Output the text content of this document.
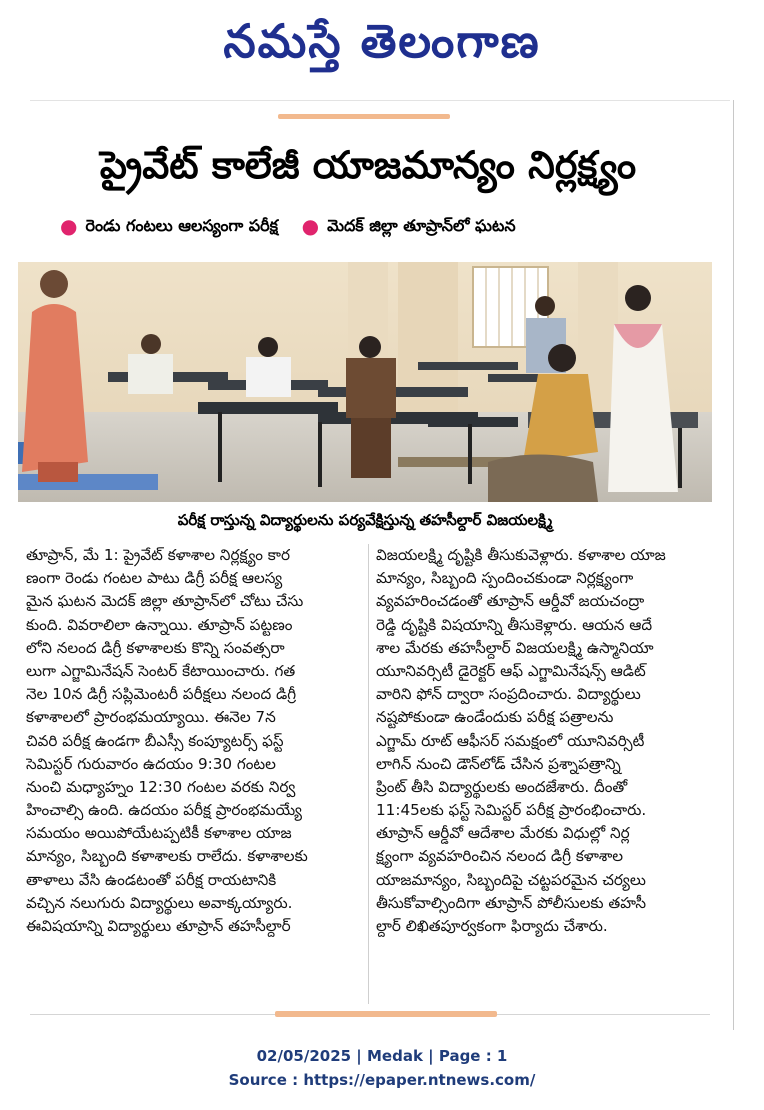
నమస్తే తెలంగాణ
ప్రైవేట్ కాలేజీ యాజమాన్యం నిర్లక్ష్యం
● రెండు గంటలు ఆలస్యంగా పరీక్ష ● మెదక్ జిల్లా తూప్రాన్‌లో ఘటన
పరీక్ష రాస్తున్న విద్యార్థులను పర్యవేక్షిస్తున్న తహసీల్దార్ విజయలక్ష్మి
తూప్రాన్, మే 1: ప్రైవేట్ కళాశాల నిర్లక్ష్యం కార
ణంగా రెండు గంటల పాటు డిగ్రీ పరీక్ష ఆలస్య
మైన ఘటన మెదక్ జిల్లా తూప్రాన్‌లో చోటు చేసు
కుంది. వివరాలిలా ఉన్నాయి. తూప్రాన్ పట్టణం
లోని నలంద డిగ్రీ కళాశాలకు కొన్ని సంవత్సరా
లుగా ఎగ్జామినేషన్ సెంటర్ కేటాయించారు. గత
నెల 10న డిగ్రీ సప్లిమెంటరీ పరీక్షలు నలంద డిగ్రీ
కళాశాలలో ప్రారంభమయ్యాయి. ఈనెల 7న
చివరి పరీక్ష ఉండగా బీఎస్సీ కంప్యూటర్స్ ఫస్ట్
సెమిస్టర్ గురువారం ఉదయం 9:30 గంటల
నుంచి మధ్యాహ్నం 12:30 గంటల వరకు నిర్వ
హించాల్సి ఉంది. ఉదయం పరీక్ష ప్రారంభమయ్యే
సమయం అయిపోయేటప్పటికీ కళాశాల యాజ
మాన్యం, సిబ్బంది కళాశాలకు రాలేదు. కళాశాలకు
తాళాలు వేసి ఉండటంతో పరీక్ష రాయటానికి
వచ్చిన నలుగురు విద్యార్థులు అవాక్కయ్యారు.
ఈవిషయాన్ని విద్యార్థులు తూప్రాన్ తహసీల్దార్
విజయలక్ష్మి దృష్టికి తీసుకువెళ్లారు. కళాశాల యాజ
మాన్యం, సిబ్బంది స్పందించకుండా నిర్లక్ష్యంగా
వ్యవహరించడంతో తూప్రాన్ ఆర్డీవో జయచంద్రా
రెడ్డి దృష్టికి విషయాన్ని తీసుకెళ్లారు. ఆయన ఆదే
శాల మేరకు తహసీల్దార్ విజయలక్ష్మి ఉస్మానియా
యూనివర్సిటీ డైరెక్టర్ ఆఫ్ ఎగ్జామినేషన్స్ ఆడిట్
వారిని ఫోన్ ద్వారా సంప్రదించారు. విద్యార్థులు
నష్టపోకుండా ఉండేందుకు పరీక్ష పత్రాలను
ఎగ్జామ్ రూట్ ఆఫీసర్ సమక్షంలో యూనివర్సిటీ
లాగిన్ నుంచి డౌన్‌లోడ్ చేసిన ప్రశ్నాపత్రాన్ని
ప్రింట్ తీసి విద్యార్థులకు అందజేశారు. దీంతో
11:45లకు ఫస్ట్ సెమిస్టర్ పరీక్ష ప్రారంభించారు.
తూప్రాన్ ఆర్డీవో ఆదేశాల మేరకు విధుల్లో నిర్ల
క్ష్యంగా వ్యవహరించిన నలంద డిగ్రీ కళాశాల
యాజమాన్యం, సిబ్బందిపై చట్టపరమైన చర్యలు
తీసుకోవాల్సిందిగా తూప్రాన్ పోలీసులకు తహసీ
ల్దార్ లిఖితపూర్వకంగా ఫిర్యాదు చేశారు.
02/05/2025 | Medak | Page : 1
Source : https://epaper.ntnews.com/
